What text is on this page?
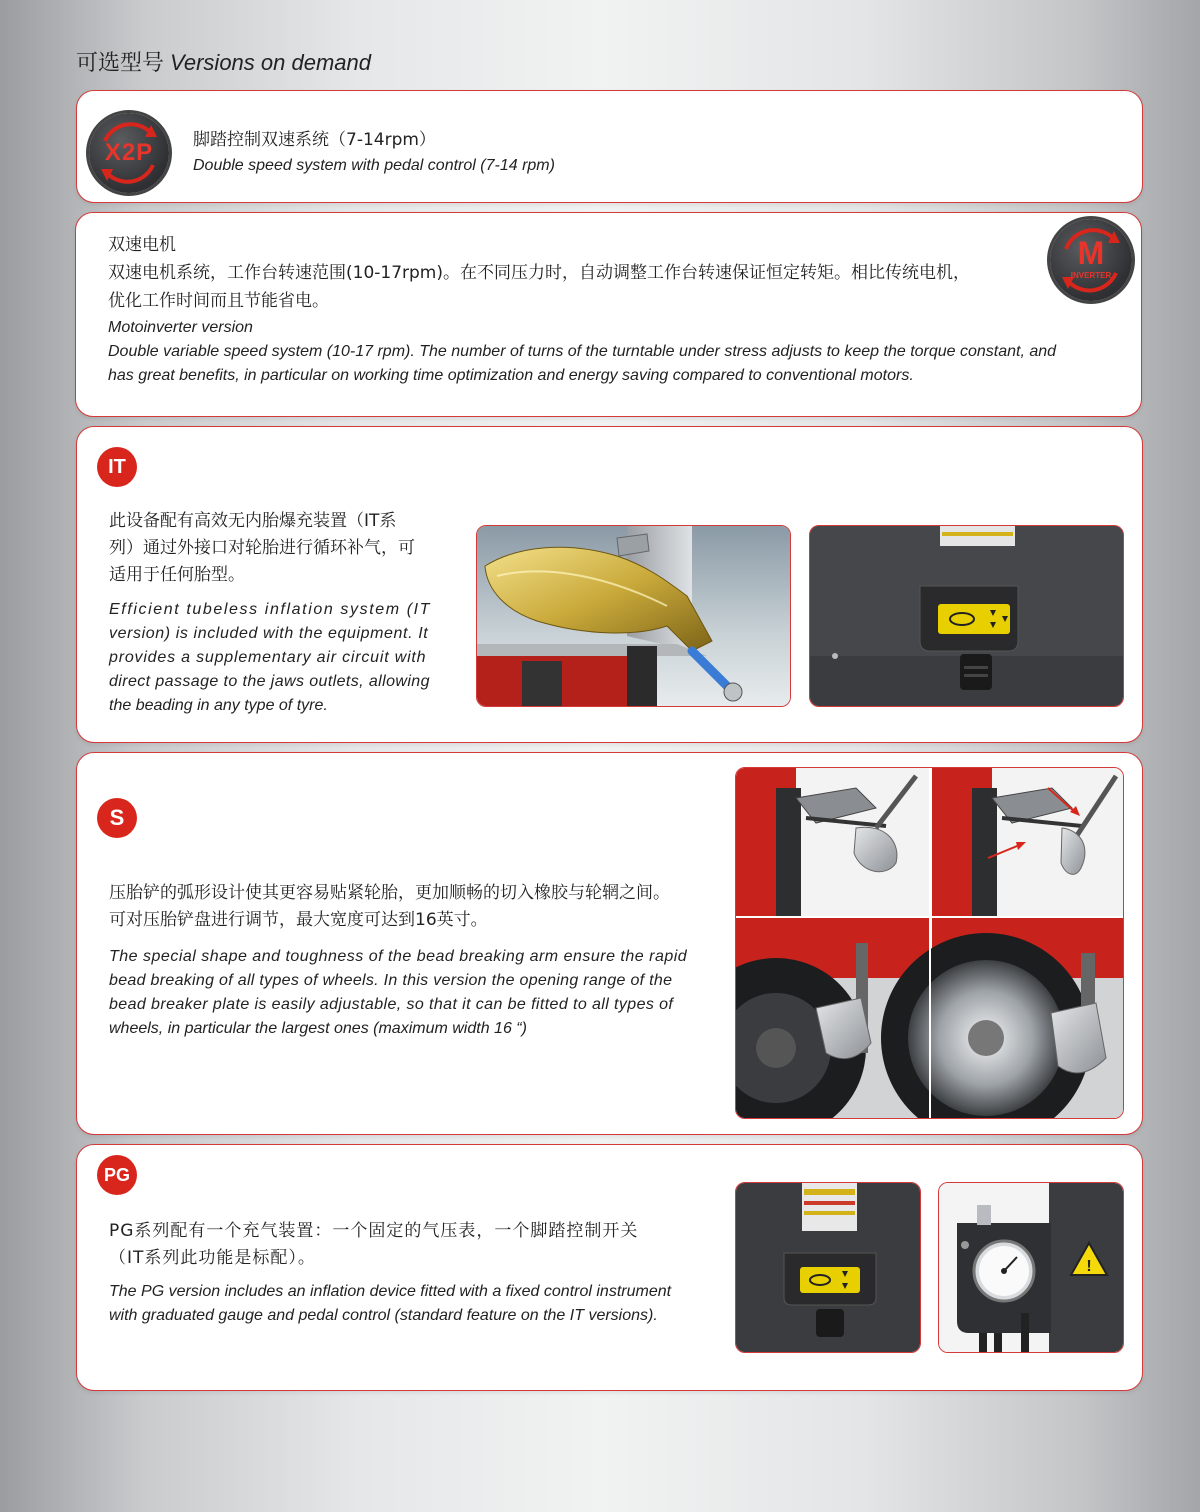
可选型号 Versions on demand
X2P	脚踏控制双速系统（7-14rpm）
Double speed system with pedal control (7-14 rpm)
双速电机
双速电机系统，工作台转速范围(10-17rpm)。在不同压力时，自动调整工作台转速保证恒定转矩。相比传统电机，
优化工作时间而且节能省电。
Motoinverter version
Double variable speed system (10-17 rpm). The number of turns of the turntable under stress adjusts to keep the torque constant, and
has great benefits, in particular on working time optimization and energy saving compared to conventional motors.
M
INVERTER
IT
此设备配有高效无内胎爆充装置（IT系
列）通过外接口对轮胎进行循环补气，可
适用于任何胎型。
Efficient tubeless inflation system (IT
version) is included with the equipment. It
provides a supplementary air circuit with
direct passage to the jaws outlets, allowing
the beading in any type of tyre.
S
压胎铲的弧形设计使其更容易贴紧轮胎，更加顺畅的切入橡胶与轮辋之间。
可对压胎铲盘进行调节，最大宽度可达到16英寸。
The special shape and toughness of the bead breaking arm ensure the rapid
bead breaking of all types of wheels. In this version the opening range of the
bead breaker plate is easily adjustable, so that it can be fitted to all types of
wheels, in particular the largest ones (maximum width 16 “)
PG
PG系列配有一个充气装置：一个固定的气压表，一个脚踏控制开关
（IT系列此功能是标配）。
The PG version includes an inflation device fitted with a fixed control instrument
with graduated gauge and pedal control (standard feature on the IT versions).
!
